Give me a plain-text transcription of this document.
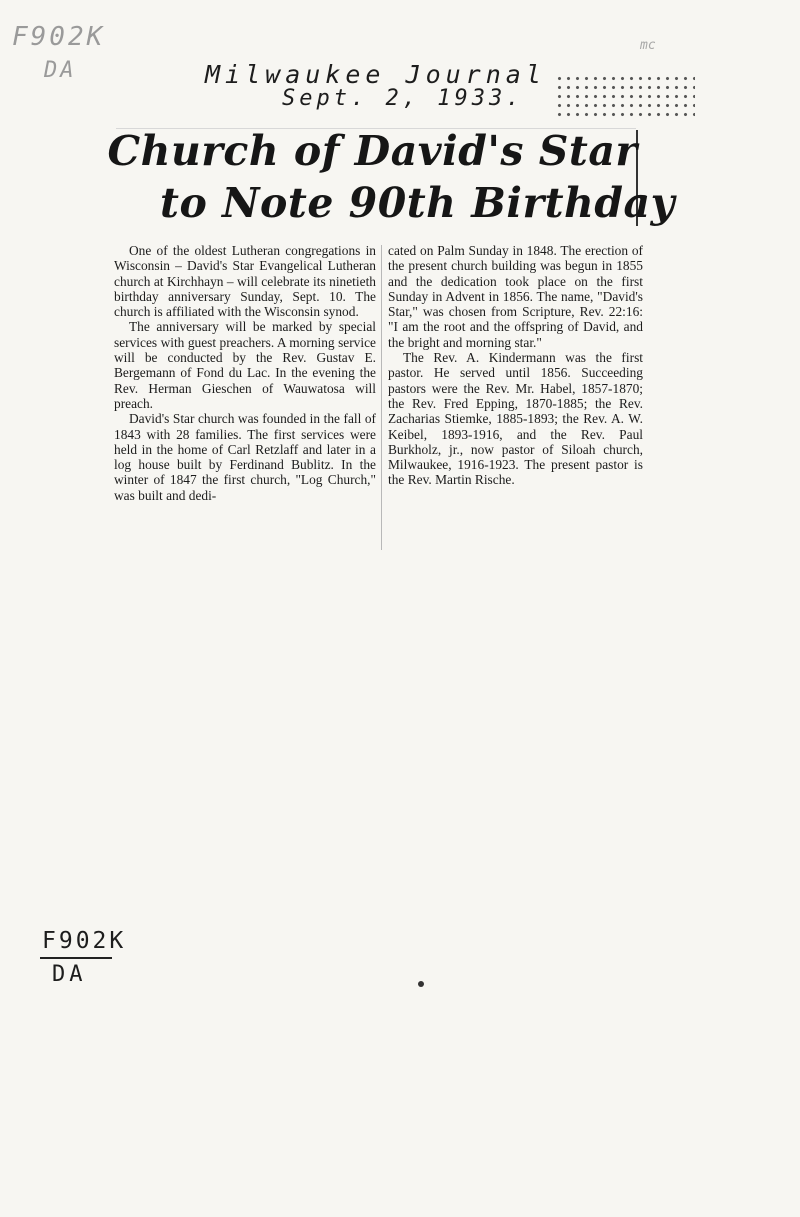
F902K
DA
mc
Milwaukee Journal
Sept. 2, 1933.
Church of David's Star
to Note 90th Birthday

One of the oldest Lutheran congregations in Wisconsin – David's Star Evangelical Lutheran church at Kirchhayn – will celebrate its ninetieth birthday anniversary Sunday, Sept. 10. The church is affiliated with the Wisconsin synod.

The anniversary will be marked by special services with guest preachers. A morning service will be conducted by the Rev. Gustav E. Bergemann of Fond du Lac. In the evening the Rev. Herman Gieschen of Wauwatosa will preach.

David's Star church was founded in the fall of 1843 with 28 families. The first services were held in the home of Carl Retzlaff and later in a log house built by Ferdinand Bublitz. In the winter of 1847 the first church, "Log Church," was built and dedi-

cated on Palm Sunday in 1848. The erection of the present church building was begun in 1855 and the dedication took place on the first Sunday in Advent in 1856. The name, "David's Star," was chosen from Scripture, Rev. 22:16: "I am the root and the offspring of David, and the bright and morning star."

The Rev. A. Kindermann was the first pastor. He served until 1856. Succeeding pastors were the Rev. Mr. Habel, 1857-1870; the Rev. Fred Epping, 1870-1885; the Rev. Zacharias Stiemke, 1885-1893; the Rev. A. W. Keibel, 1893-1916, and the Rev. Paul Burkholz, jr., now pastor of Siloah church, Milwaukee, 1916-1923. The present pastor is the Rev. Martin Rische.

F902K
DA
